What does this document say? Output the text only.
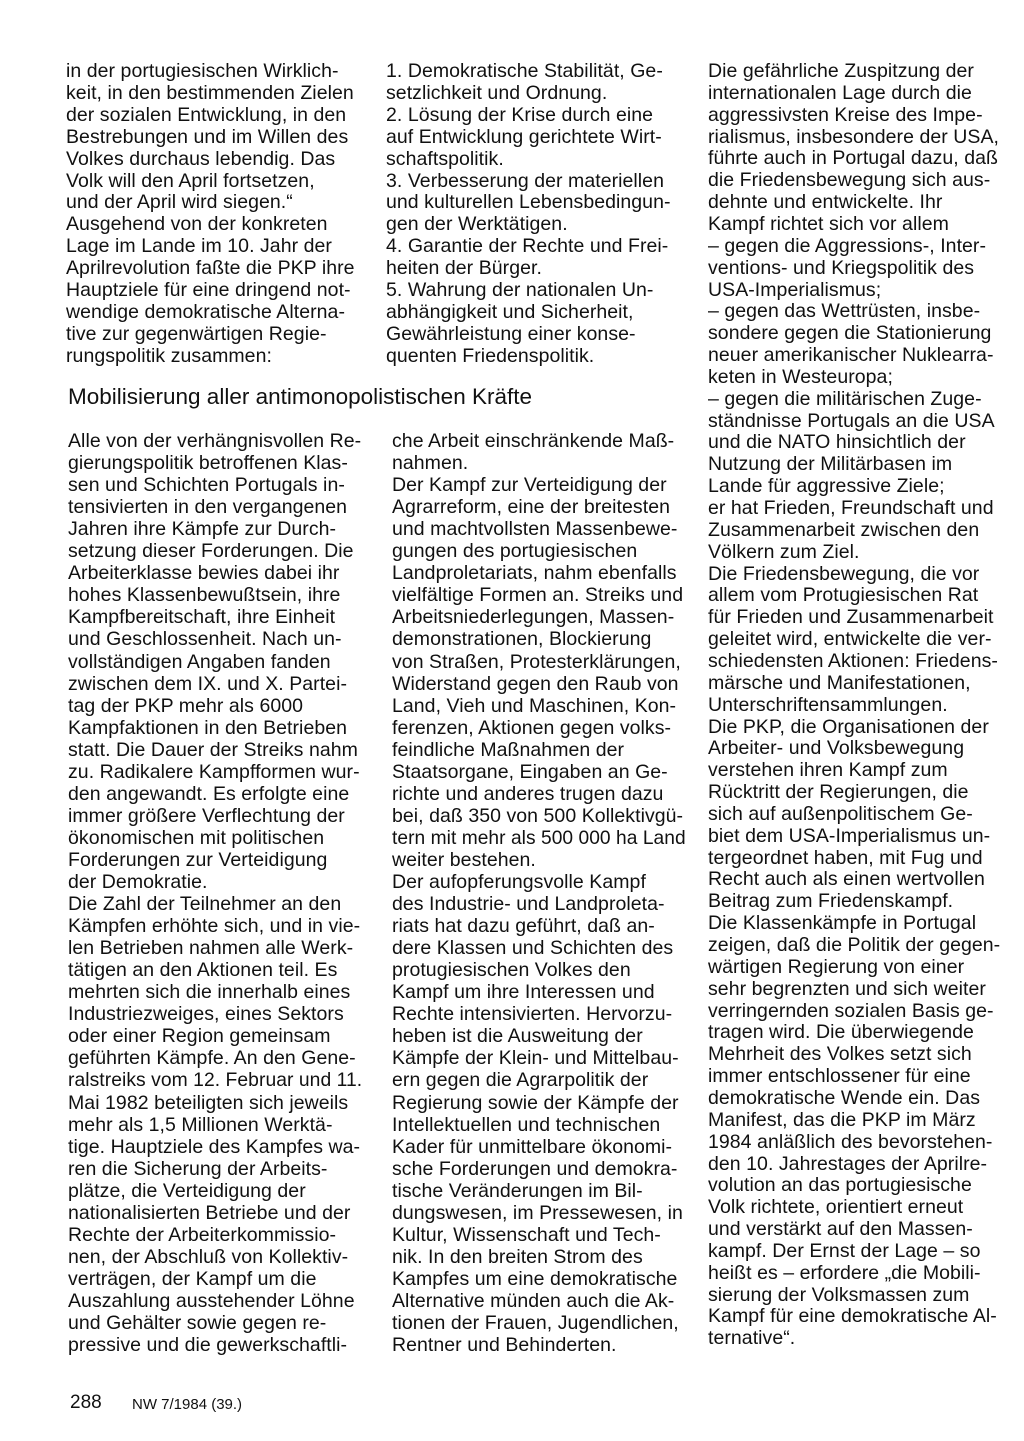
in der portugiesischen Wirklich-
keit, in den bestimmenden Zielen
der sozialen Entwicklung, in den
Bestrebungen und im Willen des
Volkes durchaus lebendig. Das
Volk will den April fortsetzen,
und der April wird siegen.“
Ausgehend von der konkreten
Lage im Lande im 10. Jahr der
Aprilrevolution faßte die PKP ihre
Hauptziele für eine dringend not-
wendige demokratische Alterna-
tive zur gegenwärtigen Regie-
rungspolitik zusammen:
1. Demokratische Stabilität, Ge-
setzlichkeit und Ordnung.
2. Lösung der Krise durch eine
auf Entwicklung gerichtete Wirt-
schaftspolitik.
3. Verbesserung der materiellen
und kulturellen Lebensbedingun-
gen der Werktätigen.
4. Garantie der Rechte und Frei-
heiten der Bürger.
5. Wahrung der nationalen Un-
abhängigkeit und Sicherheit,
Gewährleistung einer konse-
quenten Friedenspolitik.
Die gefährliche Zuspitzung der
internationalen Lage durch die
aggressivsten Kreise des Impe-
rialismus, insbesondere der USA,
führte auch in Portugal dazu, daß
die Friedensbewegung sich aus-
dehnte und entwickelte. Ihr
Kampf richtet sich vor allem
– gegen die Aggressions-, Inter-
ventions- und Kriegspolitik des
USA-Imperialismus;
– gegen das Wettrüsten, insbe-
sondere gegen die Stationierung
neuer amerikanischer Nuklearra-
keten in Westeuropa;
– gegen die militärischen Zuge-
ständnisse Portugals an die USA
und die NATO hinsichtlich der
Nutzung der Militärbasen im
Lande für aggressive Ziele;
er hat Frieden, Freundschaft und
Zusammenarbeit zwischen den
Völkern zum Ziel.
Die Friedensbewegung, die vor
allem vom Protugiesischen Rat
für Frieden und Zusammenarbeit
geleitet wird, entwickelte die ver-
schiedensten Aktionen: Friedens-
märsche und Manifestationen,
Unterschriftensammlungen.
Die PKP, die Organisationen der
Arbeiter- und Volksbewegung
verstehen ihren Kampf zum
Rücktritt der Regierungen, die
sich auf außenpolitischem Ge-
biet dem USA-Imperialismus un-
tergeordnet haben, mit Fug und
Recht auch als einen wertvollen
Beitrag zum Friedenskampf.
Die Klassenkämpfe in Portugal
zeigen, daß die Politik der gegen-
wärtigen Regierung von einer
sehr begrenzten und sich weiter
verringernden sozialen Basis ge-
tragen wird. Die überwiegende
Mehrheit des Volkes setzt sich
immer entschlossener für eine
demokratische Wende ein. Das
Manifest, das die PKP im März
1984 anläßlich des bevorstehen-
den 10. Jahrestages der Aprilre-
volution an das portugiesische
Volk richtete, orientiert erneut
und verstärkt auf den Massen-
kampf. Der Ernst der Lage – so
heißt es – erfordere „die Mobili-
sierung der Volksmassen zum
Kampf für eine demokratische Al-
ternative“.
Mobilisierung aller antimonopolistischen Kräfte
Alle von der verhängnisvollen Re-
gierungspolitik betroffenen Klas-
sen und Schichten Portugals in-
tensivierten in den vergangenen
Jahren ihre Kämpfe zur Durch-
setzung dieser Forderungen. Die
Arbeiterklasse bewies dabei ihr
hohes Klassenbewußtsein, ihre
Kampfbereitschaft, ihre Einheit
und Geschlossenheit. Nach un-
vollständigen Angaben fanden
zwischen dem IX. und X. Partei-
tag der PKP mehr als 6000
Kampfaktionen in den Betrieben
statt. Die Dauer der Streiks nahm
zu. Radikalere Kampfformen wur-
den angewandt. Es erfolgte eine
immer größere Verflechtung der
ökonomischen mit politischen
Forderungen zur Verteidigung
der Demokratie.
Die Zahl der Teilnehmer an den
Kämpfen erhöhte sich, und in vie-
len Betrieben nahmen alle Werk-
tätigen an den Aktionen teil. Es
mehrten sich die innerhalb eines
Industriezweiges, eines Sektors
oder einer Region gemeinsam
geführten Kämpfe. An den Gene-
ralstreiks vom 12. Februar und 11.
Mai 1982 beteiligten sich jeweils
mehr als 1,5 Millionen Werktä-
tige. Hauptziele des Kampfes wa-
ren die Sicherung der Arbeits-
plätze, die Verteidigung der
nationalisierten Betriebe und der
Rechte der Arbeiterkommissio-
nen, der Abschluß von Kollektiv-
verträgen, der Kampf um die
Auszahlung ausstehender Löhne
und Gehälter sowie gegen re-
pressive und die gewerkschaftli-
che Arbeit einschränkende Maß-
nahmen.
Der Kampf zur Verteidigung der
Agrarreform, eine der breitesten
und machtvollsten Massenbewe-
gungen des portugiesischen
Landproletariats, nahm ebenfalls
vielfältige Formen an. Streiks und
Arbeitsniederlegungen, Massen-
demonstrationen, Blockierung
von Straßen, Protesterklärungen,
Widerstand gegen den Raub von
Land, Vieh und Maschinen, Kon-
ferenzen, Aktionen gegen volks-
feindliche Maßnahmen der
Staatsorgane, Eingaben an Ge-
richte und anderes trugen dazu
bei, daß 350 von 500 Kollektivgü-
tern mit mehr als 500 000 ha Land
weiter bestehen.
Der aufopferungsvolle Kampf
des Industrie- und Landproleta-
riats hat dazu geführt, daß an-
dere Klassen und Schichten des
protugiesischen Volkes den
Kampf um ihre Interessen und
Rechte intensivierten. Hervorzu-
heben ist die Ausweitung der
Kämpfe der Klein- und Mittelbau-
ern gegen die Agrarpolitik der
Regierung sowie der Kämpfe der
Intellektuellen und technischen
Kader für unmittelbare ökonomi-
sche Forderungen und demokra-
tische Veränderungen im Bil-
dungswesen, im Pressewesen, in
Kultur, Wissenschaft und Tech-
nik. In den breiten Strom des
Kampfes um eine demokratische
Alternative münden auch die Ak-
tionen der Frauen, Jugendlichen,
Rentner und Behinderten.
288 NW 7/1984 (39.)
